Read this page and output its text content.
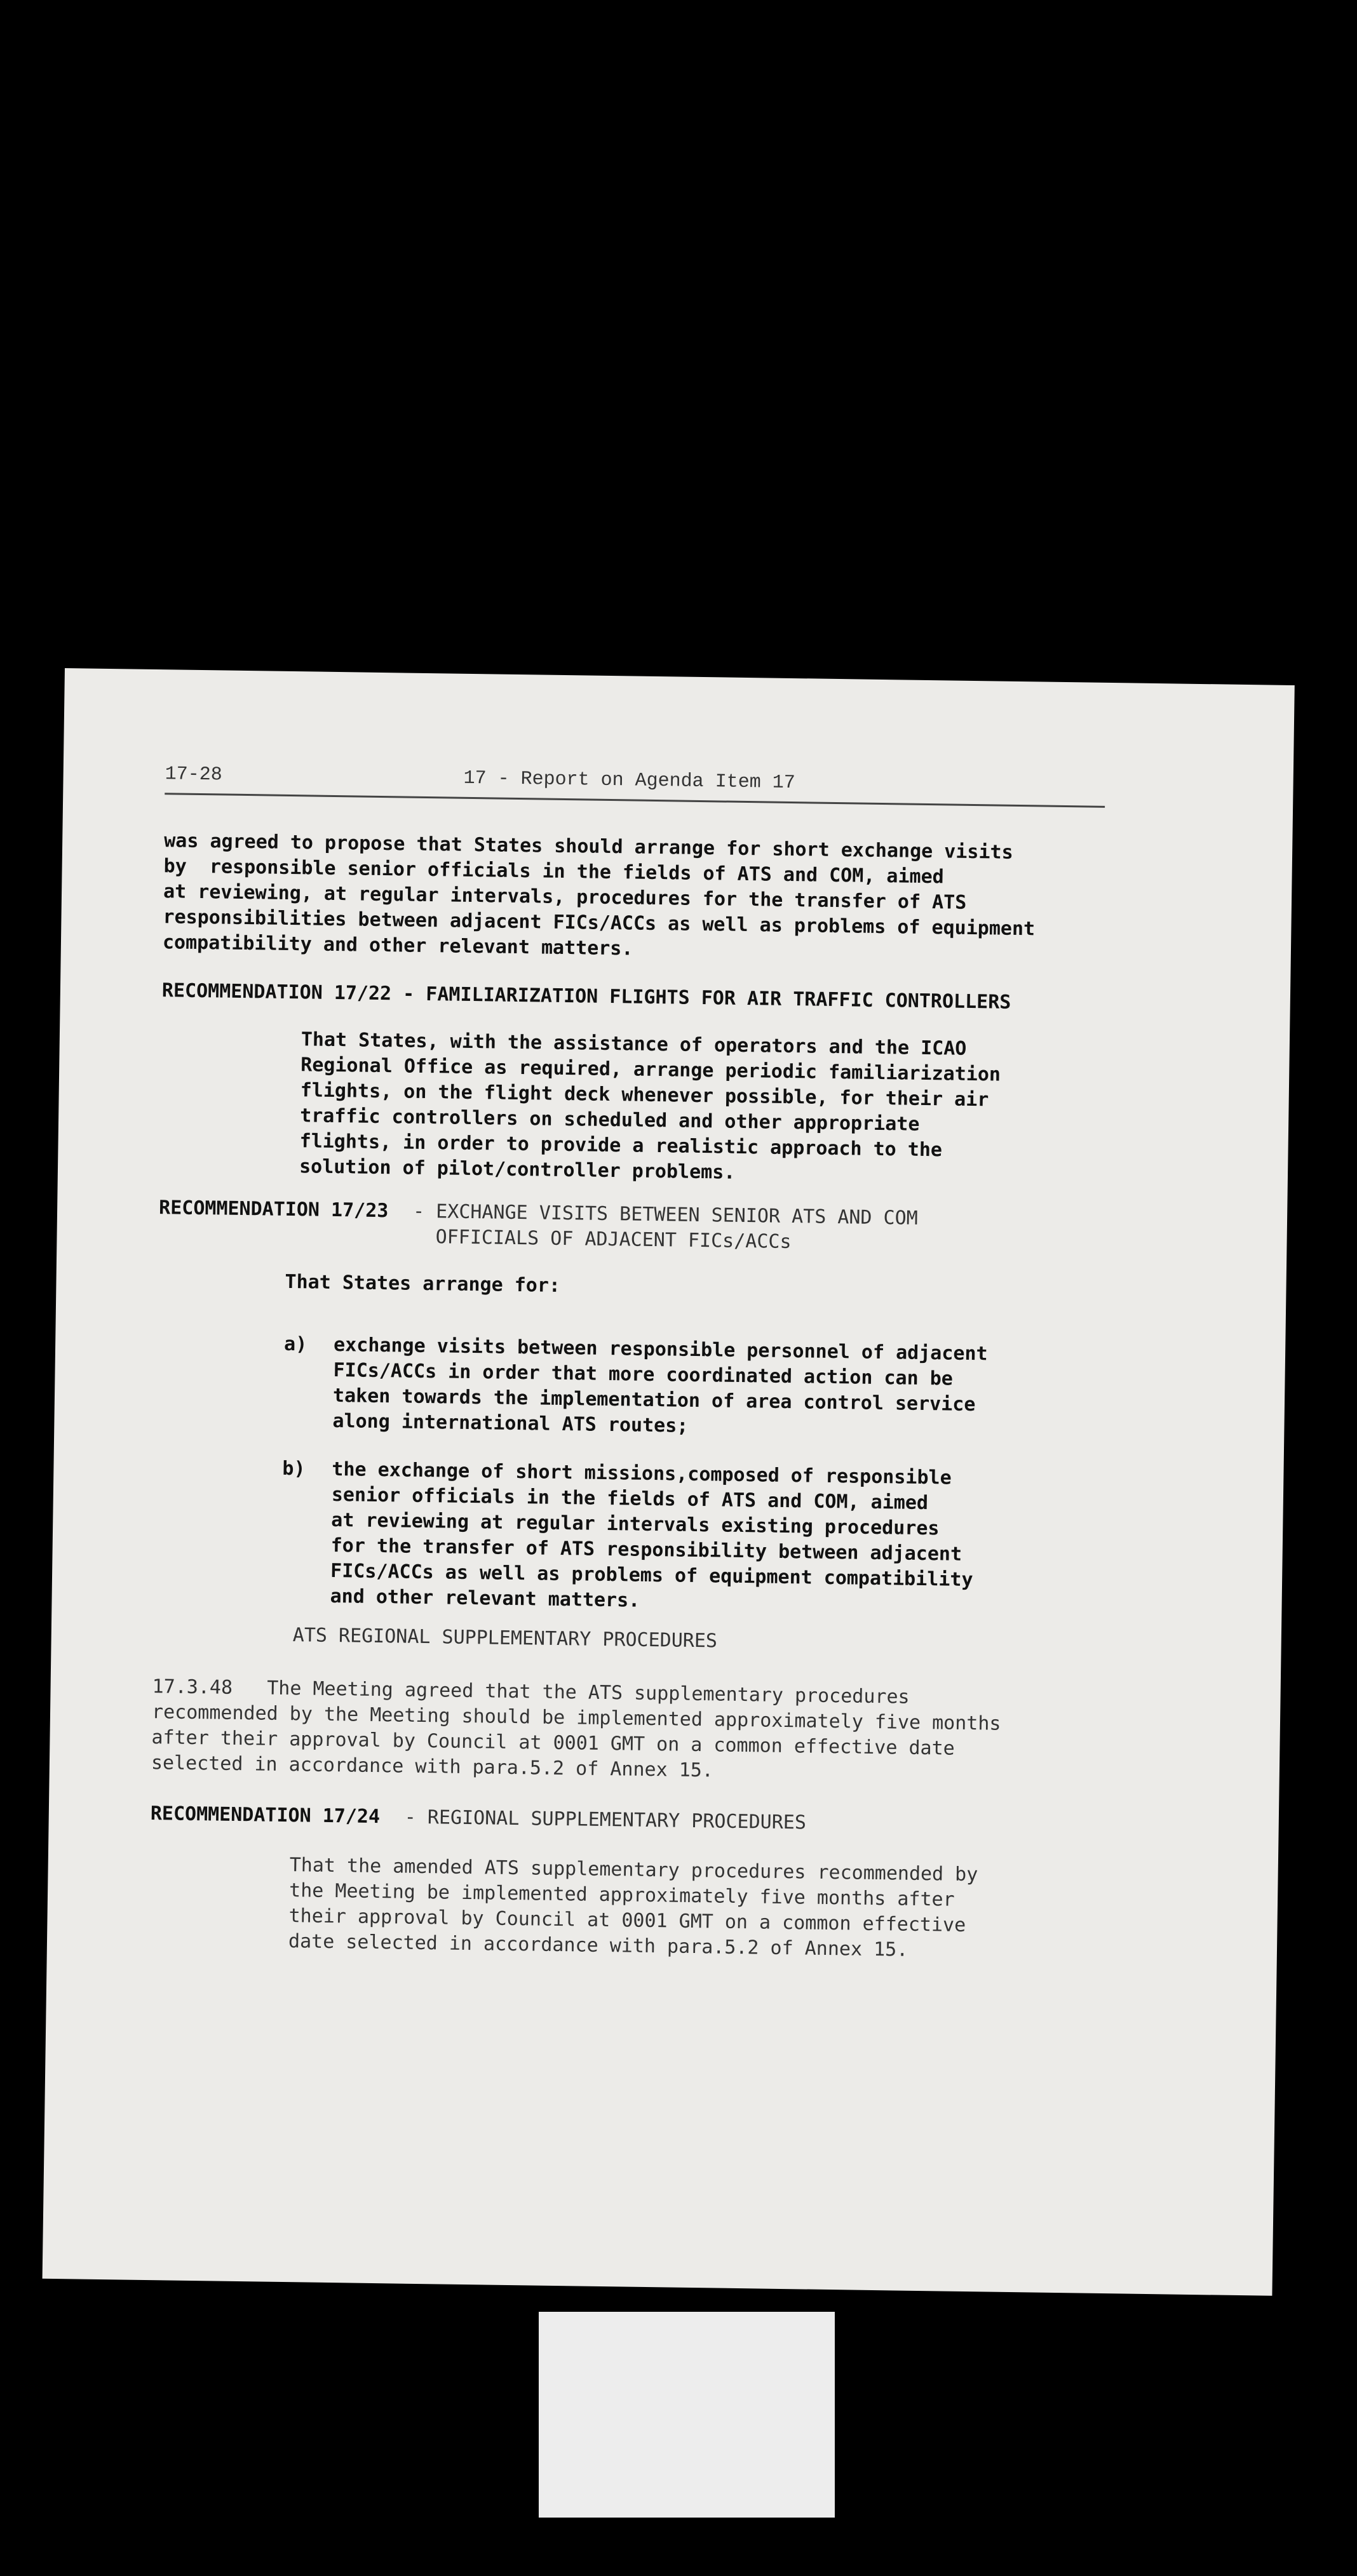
17-28	17 - Report on Agenda Item 17
was agreed to propose that States should arrange for short exchange visits
by  responsible senior officials in the fields of ATS and COM, aimed
at reviewing, at regular intervals, procedures for the transfer of ATS
responsibilities between adjacent FICs/ACCs as well as problems of equipment
compatibility and other relevant matters.
RECOMMENDATION 17/22 - FAMILIARIZATION FLIGHTS FOR AIR TRAFFIC CONTROLLERS
That States, with the assistance of operators and the ICAO
Regional Office as required, arrange periodic familiarization
flights, on the flight deck whenever possible, for their air
traffic controllers on scheduled and other appropriate
flights, in order to provide a realistic approach to the
solution of pilot/controller problems.
RECOMMENDATION 17/23 - EXCHANGE VISITS BETWEEN SENIOR ATS AND COM
OFFICIALS OF ADJACENT FICs/ACCs
That States arrange for:
a) exchange visits between responsible personnel of adjacent
FICs/ACCs in order that more coordinated action can be
taken towards the implementation of area control service
along international ATS routes;
b) the exchange of short missions,composed of responsible
senior officials in the fields of ATS and COM, aimed
at reviewing at regular intervals existing procedures
for the transfer of ATS responsibility between adjacent
FICs/ACCs as well as problems of equipment compatibility
and other relevant matters.
ATS REGIONAL SUPPLEMENTARY PROCEDURES
17.3.48   The Meeting agreed that the ATS supplementary procedures
recommended by the Meeting should be implemented approximately five months
after their approval by Council at 0001 GMT on a common effective date
selected in accordance with para.5.2 of Annex 15.
RECOMMENDATION 17/24 - REGIONAL SUPPLEMENTARY PROCEDURES
That the amended ATS supplementary procedures recommended by
the Meeting be implemented approximately five months after
their approval by Council at 0001 GMT on a common effective
date selected in accordance with para.5.2 of Annex 15.
